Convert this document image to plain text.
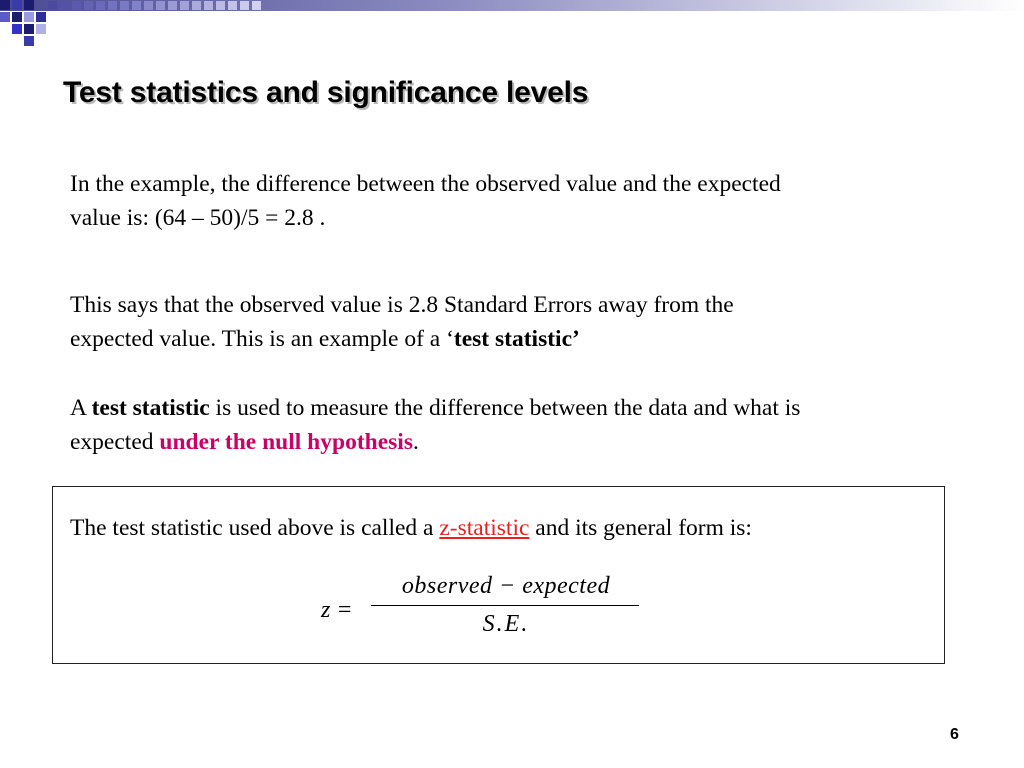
Test statistics and significance levels
In the example, the difference between the observed value and the expected
value is: (64 – 50)/5 = 2.8 .
This says that the observed value is 2.8 Standard Errors away from the
expected value. This is an example of a ‘test statistic’
A test statistic is used to measure the difference between the data and what is
expected under the null hypothesis.
The test statistic used above is called a z-statistic and its general form is:
z =
observed − expected
S.E.
6
